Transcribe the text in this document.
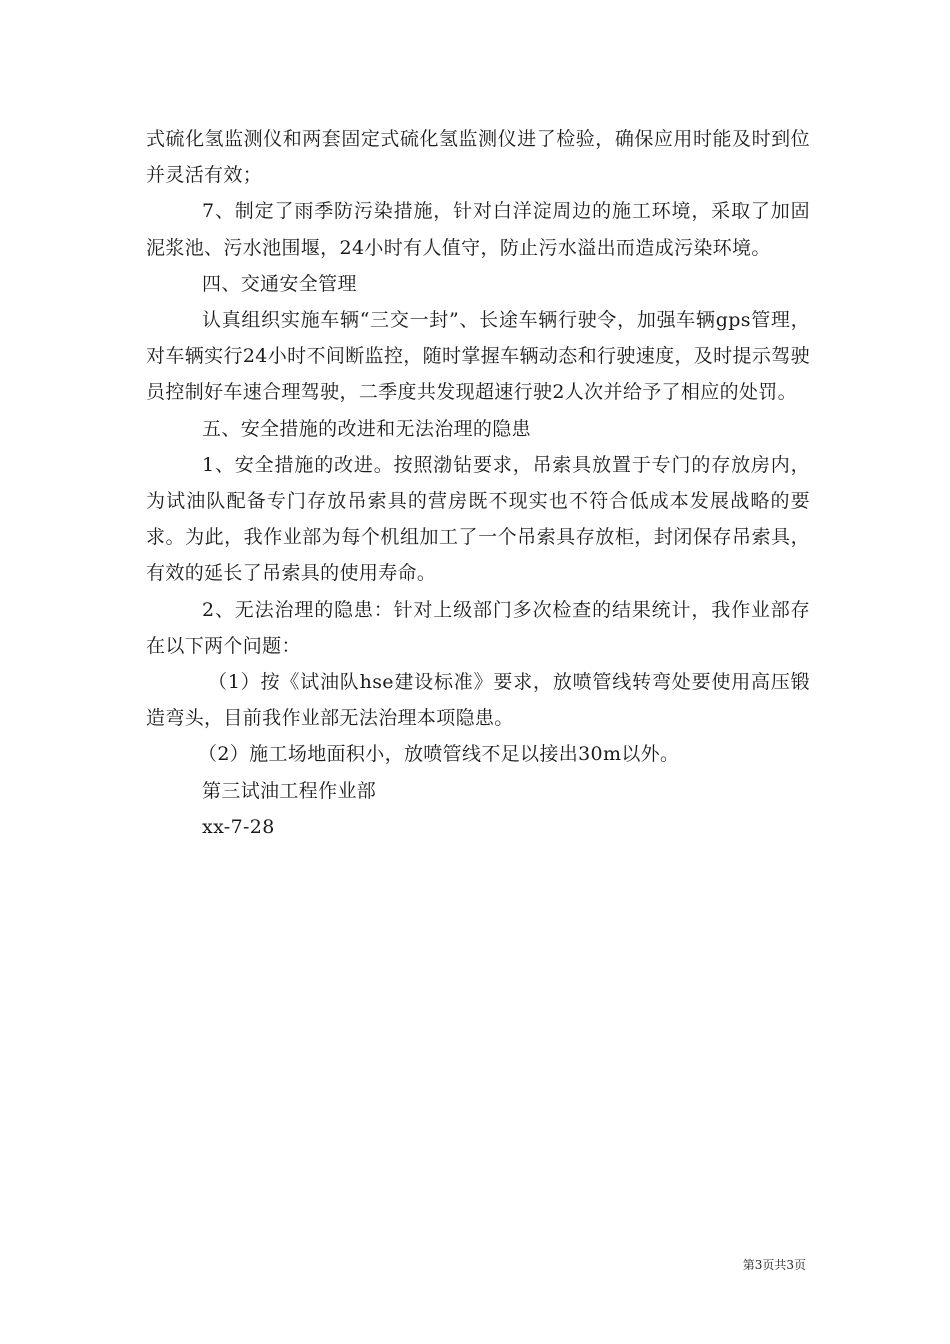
式硫化氢监测仪和两套固定式硫化氢监测仪进了检验，确保应用时能及时到位并灵活有效；

7、制定了雨季防污染措施，针对白洋淀周边的施工环境，采取了加固泥浆池、污水池围堰，24小时有人值守，防止污水溢出而造成污染环境。

四、交通安全管理

认真组织实施车辆“三交一封”、长途车辆行驶令，加强车辆gps管理，对车辆实行24小时不间断监控，随时掌握车辆动态和行驶速度，及时提示驾驶员控制好车速合理驾驶，二季度共发现超速行驶2人次并给予了相应的处罚。

五、安全措施的改进和无法治理的隐患

1、安全措施的改进。按照渤钻要求，吊索具放置于专门的存放房内，为试油队配备专门存放吊索具的营房既不现实也不符合低成本发展战略的要求。为此，我作业部为每个机组加工了一个吊索具存放柜，封闭保存吊索具，有效的延长了吊索具的使用寿命。

2、无法治理的隐患：针对上级部门多次检查的结果统计，我作业部存在以下两个问题：

（1）按《试油队hse建设标准》要求，放喷管线转弯处要使用高压锻造弯头，目前我作业部无法治理本项隐患。

（2）施工场地面积小，放喷管线不足以接出30m以外。

第三试油工程作业部

xx-7-28

第3页共3页
